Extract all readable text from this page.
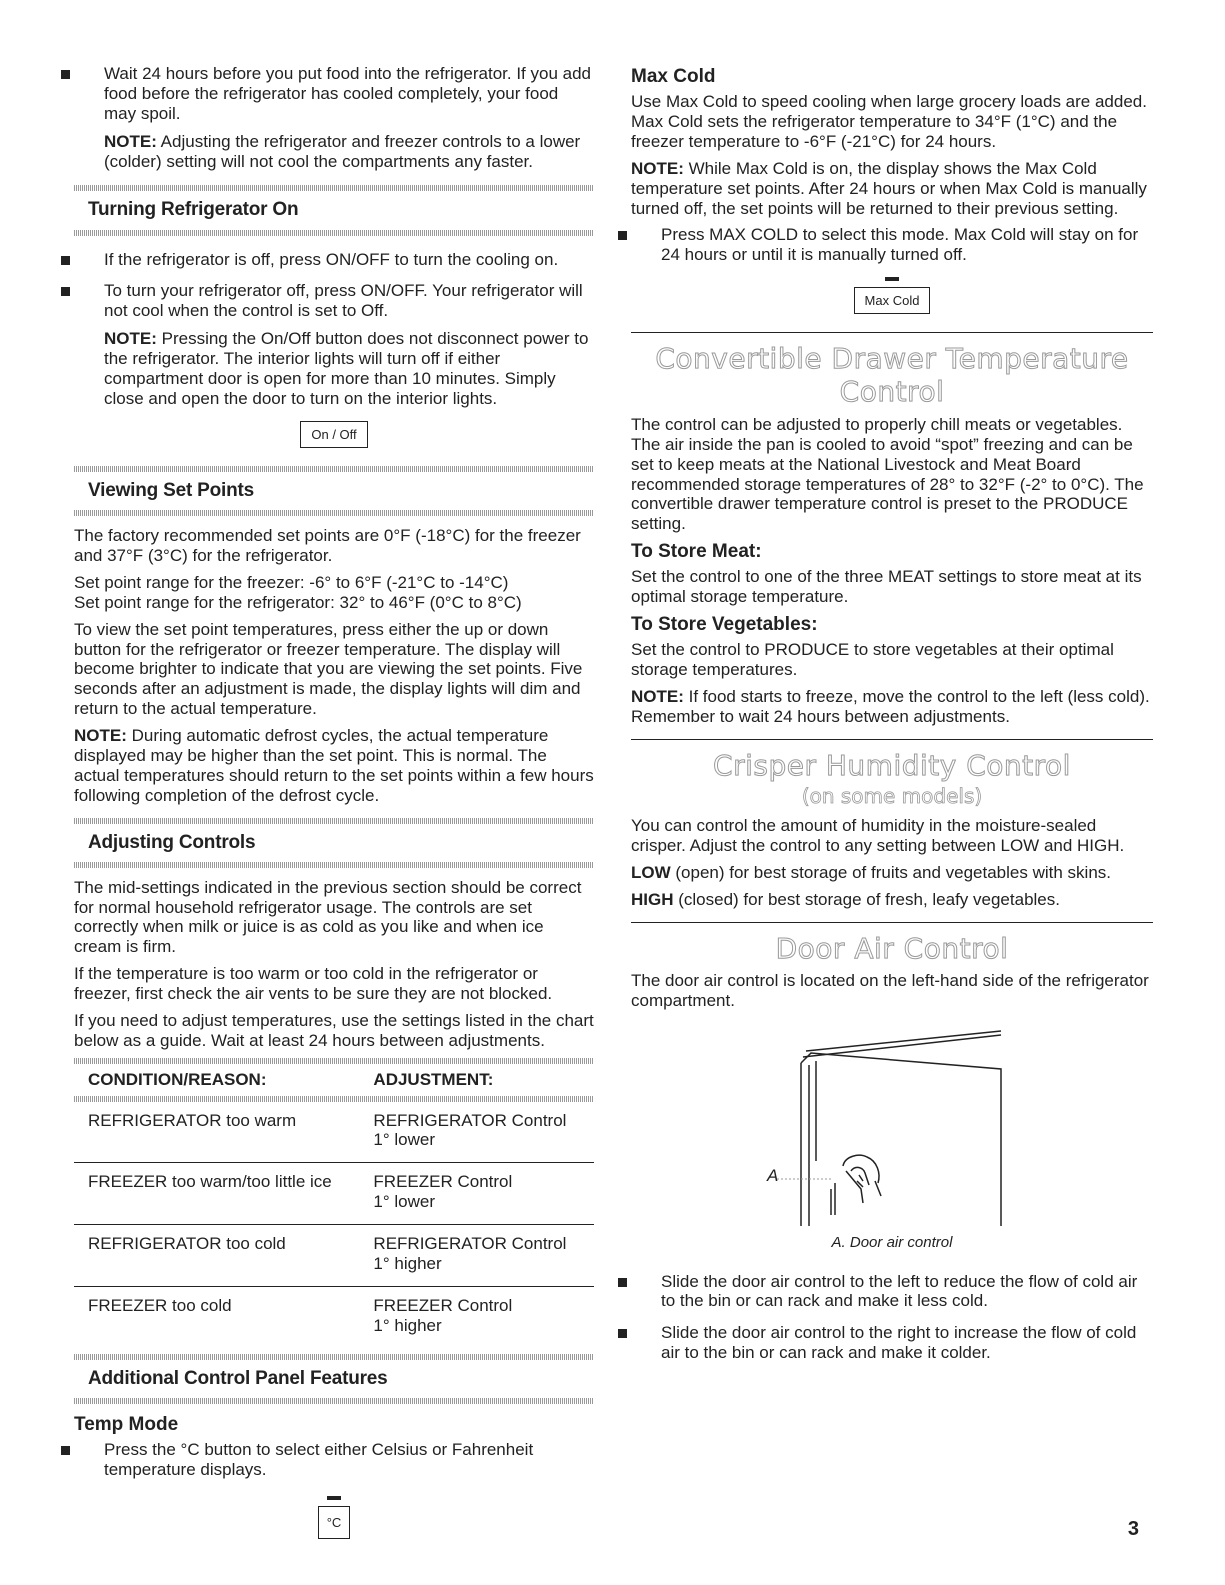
Wait 24 hours before you put food into the refrigerator. If you add food before the refrigerator has cooled completely, your food may spoil.

NOTE: Adjusting the refrigerator and freezer controls to a lower (colder) setting will not cool the compartments any faster.

Turning Refrigerator On

If the refrigerator is off, press ON/OFF to turn the cooling on.

To turn your refrigerator off, press ON/OFF. Your refrigerator will not cool when the control is set to Off.

NOTE: Pressing the On/Off button does not disconnect power to the refrigerator. The interior lights will turn off if either compartment door is open for more than 10 minutes. Simply close and open the door to turn on the interior lights.

On / Off
Viewing Set Points

The factory recommended set points are 0°F (-18°C) for the freezer and 37°F (3°C) for the refrigerator.

Set point range for the freezer: -6° to 6°F (-21°C to -14°C)

Set point range for the refrigerator: 32° to 46°F (0°C to 8°C)

To view the set point temperatures, press either the up or down button for the refrigerator or freezer temperature. The display will become brighter to indicate that you are viewing the set points. Five seconds after an adjustment is made, the display lights will dim and return to the actual temperature.

NOTE: During automatic defrost cycles, the actual temperature displayed may be higher than the set point. This is normal. The actual temperatures should return to the set points within a few hours following completion of the defrost cycle.

Adjusting Controls

The mid-settings indicated in the previous section should be correct for normal household refrigerator usage. The controls are set correctly when milk or juice is as cold as you like and when ice cream is firm.

If the temperature is too warm or too cold in the refrigerator or freezer, first check the air vents to be sure they are not blocked.

If you need to adjust temperatures, use the settings listed in the chart below as a guide. Wait at least 24 hours between adjustments.

CONDITION/REASON:	ADJUSTMENT:

REFRIGERATOR too warm	REFRIGERATOR Control
1° lower

FREEZER too warm/too little ice	FREEZER Control
1° lower

REFRIGERATOR too cold	REFRIGERATOR Control
1° higher

FREEZER too cold	FREEZER Control
1° higher
Additional Control Panel Features
Temp Mode

Press the °C button to select either Celsius or Fahrenheit temperature displays.

°C
Max Cold

Use Max Cold to speed cooling when large grocery loads are added. Max Cold sets the refrigerator temperature to 34°F (1°C) and the freezer temperature to -6°F (-21°C) for 24 hours.

NOTE: While Max Cold is on, the display shows the Max Cold temperature set points. After 24 hours or when Max Cold is manually turned off, the set points will be returned to their previous setting.

Press MAX COLD to select this mode. Max Cold will stay on for 24 hours or until it is manually turned off.

Max Cold
Convertible Drawer Temperature Control

The control can be adjusted to properly chill meats or vegetables. The air inside the pan is cooled to avoid “spot” freezing and can be set to keep meats at the National Livestock and Meat Board recommended storage temperatures of 28° to 32°F (-2° to 0°C). The convertible drawer temperature control is preset to the PRODUCE setting.

To Store Meat:

Set the control to one of the three MEAT settings to store meat at its optimal storage temperature.

To Store Vegetables:

Set the control to PRODUCE to store vegetables at their optimal storage temperatures.

NOTE: If food starts to freeze, move the control to the left (less cold). Remember to wait 24 hours between adjustments.

Crisper Humidity Control
(on some models)

You can control the amount of humidity in the moisture-sealed crisper. Adjust the control to any setting between LOW and HIGH.

LOW (open) for best storage of fruits and vegetables with skins.

HIGH (closed) for best storage of fresh, leafy vegetables.

Door Air Control

The door air control is located on the left-hand side of the refrigerator compartment.

A
A. Door air control

Slide the door air control to the left to reduce the flow of cold air to the bin or can rack and make it less cold.

Slide the door air control to the right to increase the flow of cold air to the bin or can rack and make it colder.

3
